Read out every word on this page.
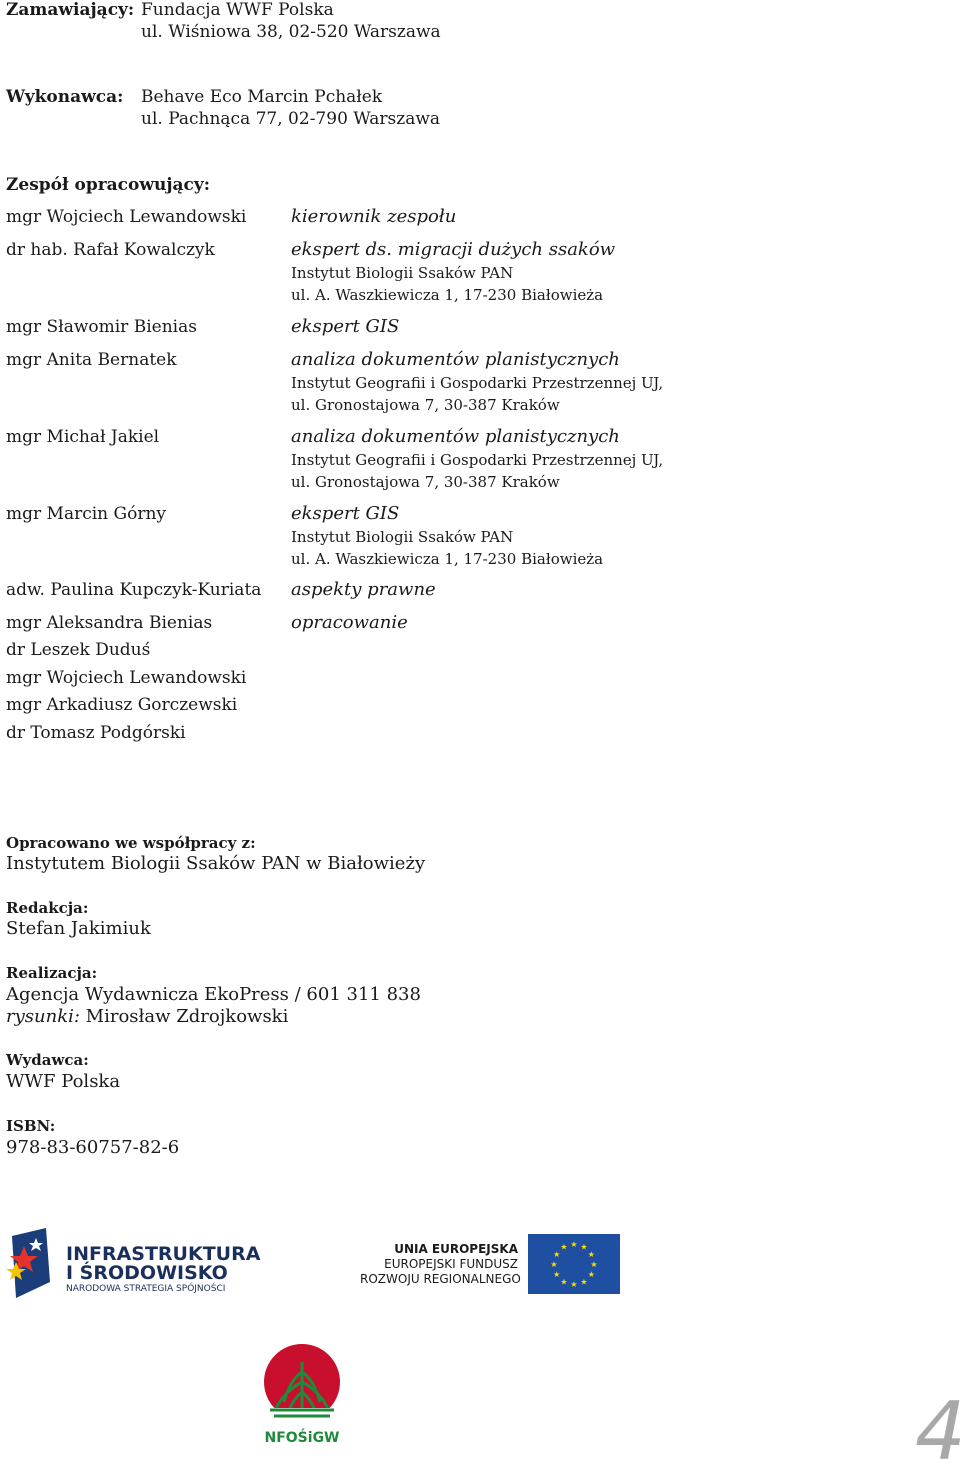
Zamawiający: Fundacja WWF Polska
ul. Wiśniowa 38, 02-520 Warszawa
Wykonawca: Behave Eco Marcin Pchałek
ul. Pachnąca 77, 02-790 Warszawa
Zespół opracowujący:
mgr Wojciech Lewandowski
dr hab. Rafał Kowalczyk
mgr Sławomir Bienias
mgr Anita Bernatek
mgr Michał Jakiel
mgr Marcin Górny
adw. Paulina Kupczyk-Kuriata
mgr Aleksandra Bienias
dr Leszek Duduś
mgr Wojciech Lewandowski
mgr Arkadiusz Gorczewski
dr Tomasz Podgórski
kierownik zespołu
ekspert ds. migracji dużych ssaków
Instytut Biologii Ssaków PAN
ul. A. Waszkiewicza 1, 17-230 Białowieża
ekspert GIS
analiza dokumentów planistycznych
Instytut Geografii i Gospodarki Przestrzennej UJ,
ul. Gronostajowa 7, 30-387 Kraków
analiza dokumentów planistycznych
Instytut Geografii i Gospodarki Przestrzennej UJ,
ul. Gronostajowa 7, 30-387 Kraków
ekspert GIS
Instytut Biologii Ssaków PAN
ul. A. Waszkiewicza 1, 17-230 Białowieża
aspekty prawne
opracowanie
Opracowano we współpracy z:
Instytutem Biologii Ssaków PAN w Białowieży
Redakcja:
Stefan Jakimiuk
Realizacja:
Agencja Wydawnicza EkoPress / 601 311 838
rysunki: Mirosław Zdrojkowski
Wydawca:
WWF Polska
ISBN:
978-83-60757-82-6
INFRASTRUKTURA
I ŚRODOWISKO
NARODOWA STRATEGIA SPÓJNOŚCI
UNIA EUROPEJSKA
EUROPEJSKI FUNDUSZ
ROZWOJU REGIONALNEGO
★ ★
★
★
★
★
★
★
★
★
★
★
NFOŚiGW	4
